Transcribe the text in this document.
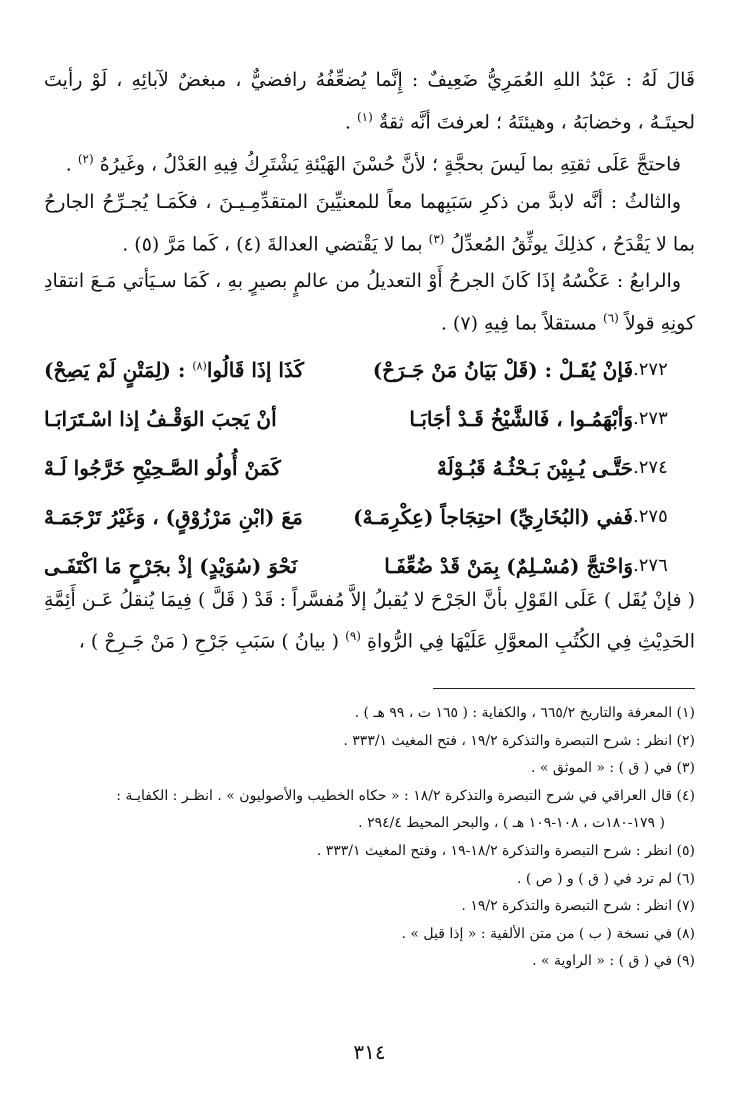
قَالَ لَهُ : عَبْدُ اللهِ العُمَرِيُّ ضَعِيفٌ : إِنَّما يُضعِّفُهُ رافضيٌّ ، مبغضٌ لآبائِهِ ، لَوْ رأيتَ لحيتَـهُ ، وخضابَهُ ، وهيئتَهُ ؛ لعرفتَ أنَّه ثقةٌ $^{(١)}$ .

فاحتجَّ عَلَى ثقتِهِ بما لَيسَ بحجَّةٍ ؛ لأنَّ حُسْنَ الهَيْئةِ يَشْتَرِكُ فِيهِ العَدْلُ ، وغَيرُهُ $^{(٢)}$ .

والثالثُ : أنَّه لابدَّ من ذكرِ سَبَبِهما معاً للمعنيِّينَ المتقدِّمِـيـنَ ، فكَمَـا يُجـرِّحُ الجارحُ بما لا يَقْدَحُ ، كذلِكَ يوثِّقُ المُعدِّلُ $^{(٣)}$ بما لا يَقْتضي العدالةَ (٤) ، كَما مَرَّ (٥) .

والرابعُ : عَكْسُهُ إذَا كَانَ الجرحُ أَوْ التعديلُ من عالمٍ بصيرٍ بهِ ، كَمَا سـيَأتي مَـعَ انتقادِ كونِهِ قولاً $^{(٦)}$ مستقلاً بما فِيهِ (٧) .

٢٧٢.
فَإنْ يُقَـلْ : (قَلْ بَيَانُ مَنْ جَـرَحْ)
كَذَا إذَا قَالُوا$^{(٨)}$ : (لِمَتْنٍ لَمْ يَصِحْ)
٢٧٣.
وَأبْهَمُـوا ، فَالشَّيْخُ قَـدْ أجَابَـا
أنْ يَجبَ الوَقْـفُ إذا اسْـتَرَابَـا
٢٧٤.
حَتَّـى يُـبِيْنَ بَـحْثُـهُ قَبُـوْلَهْ
كَمَنْ أُولُو الصَّـحِيْحِ خَرَّجُوا لَـهْ
٢٧٥.
فَفي (البُخَارِيِّ) احتِجَاجاً (عِكْرِمَـهْ)
مَعَ (ابْنِ مَرْزُوْقٍ) ، وَغَيْرُ تَرْجَمَـهْ
٢٧٦.
وَاحْتجَّ (مُسْـلِمٌ) بِمَنْ قَدْ ضُعِّفَـا
نَحْوَ (سُوَيْدٍ) إذْ بجَرْحٍ مَا اكْتَفَـى

( فإنْ يُقَل ) عَلَى القَوْلِ بأنَّ الجَرْحَ لا يُقبلُ إلاَّ مُفسَّراً : قَدْ ( قَلَّ ) فِيمَا يُنقلُ عَـن أَئِمَّةِ الحَدِيْثِ فِي الكُتُبِ المعوَّلِ عَلَيْهَا فِي الرُّواةِ $^{(٩)}$ ( بيانُ ) سَبَبِ جَرْحِ ( مَنْ جَـرِحْ ) ،

(١) المعرفة والتاريخ ٦٦٥/٢ ، والكفاية : ( ١٦٥ ت ، ٩٩ هـ ) .

(٢) انظر : شرح التبصرة والتذكرة ١٩/٢ ، فتح المغيث ٣٣٣/١ .

(٣) في ( ق ) : « الموثق » .

(٤) قال العراقي في شرح التبصرة والتذكرة ١٨/٢ : « حكاه الخطيب والأصوليون » . انظـر : الكفايـة :

( ١٧٩-١٨٠ت ، ١٠٨-١٠٩ هـ ) ، والبحر المحيط ٢٩٤/٤ .

(٥) انظر : شرح التبصرة والتذكرة ١٨/٢-١٩ ، وفتح المغيث ٣٣٣/١ .

(٦) لم ترد في ( ق ) و ( ص ) .

(٧) انظر : شرح التبصرة والتذكرة ١٩/٢ .

(٨) في نسخة ( ب ) من متن الألفية : « إذا قيل » .

(٩) في ( ق ) : « الراوية » .

٣١٤
